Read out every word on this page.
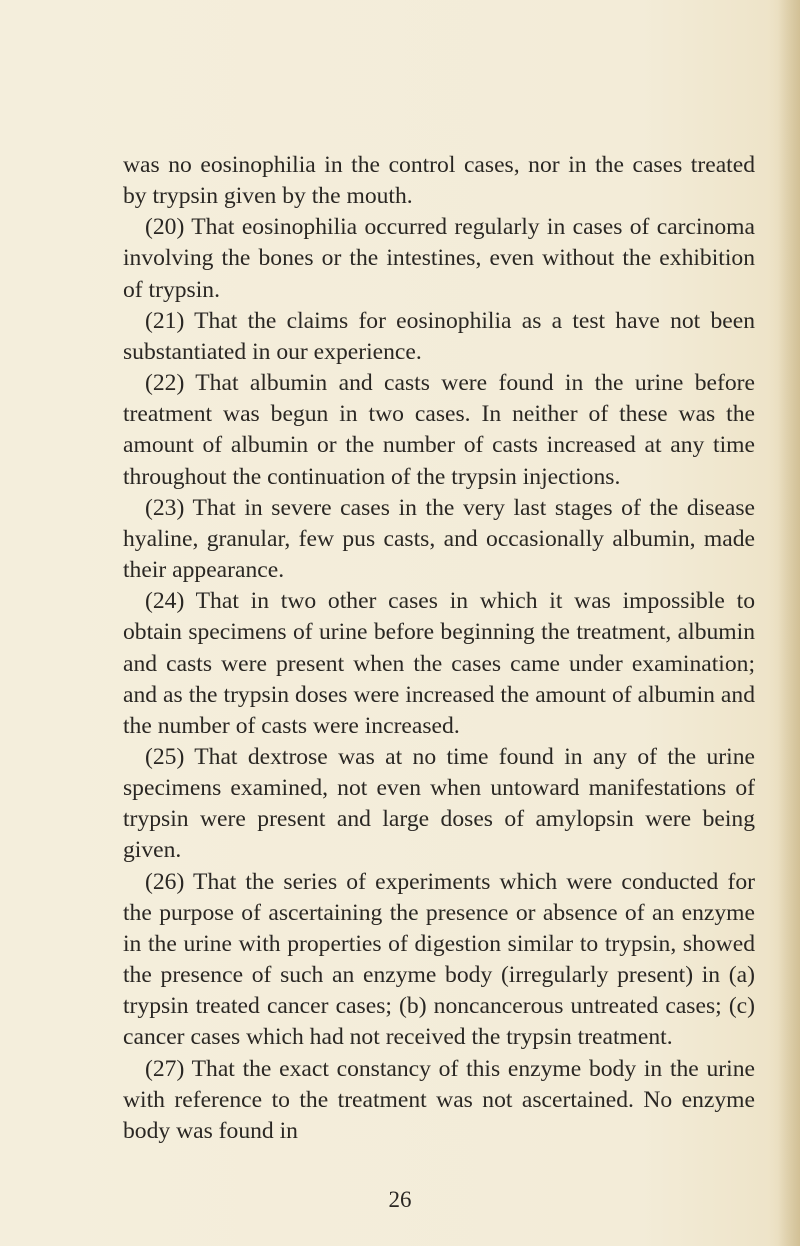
was no eosinophilia in the control cases, nor in the cases treated by trypsin given by the mouth.

(20) That eosinophilia occurred regularly in cases of carcinoma involving the bones or the intestines, even without the exhibition of trypsin.

(21) That the claims for eosinophilia as a test have not been substantiated in our experience.

(22) That albumin and casts were found in the urine before treatment was begun in two cases. In neither of these was the amount of albumin or the number of casts increased at any time throughout the continuation of the trypsin injections.

(23) That in severe cases in the very last stages of the disease hyaline, granular, few pus casts, and occasionally albumin, made their appearance.

(24) That in two other cases in which it was impossible to obtain specimens of urine before beginning the treatment, albumin and casts were present when the cases came under examination; and as the trypsin doses were increased the amount of albumin and the number of casts were increased.

(25) That dextrose was at no time found in any of the urine specimens examined, not even when untoward manifestations of trypsin were present and large doses of amylopsin were being given.

(26) That the series of experiments which were conducted for the purpose of ascertaining the presence or absence of an enzyme in the urine with properties of digestion similar to trypsin, showed the presence of such an enzyme body (irregularly present) in (a) trypsin treated cancer cases; (b) noncancerous untreated cases; (c) cancer cases which had not received the trypsin treatment.

(27) That the exact constancy of this enzyme body in the urine with reference to the treatment was not ascertained. No enzyme body was found in

26
